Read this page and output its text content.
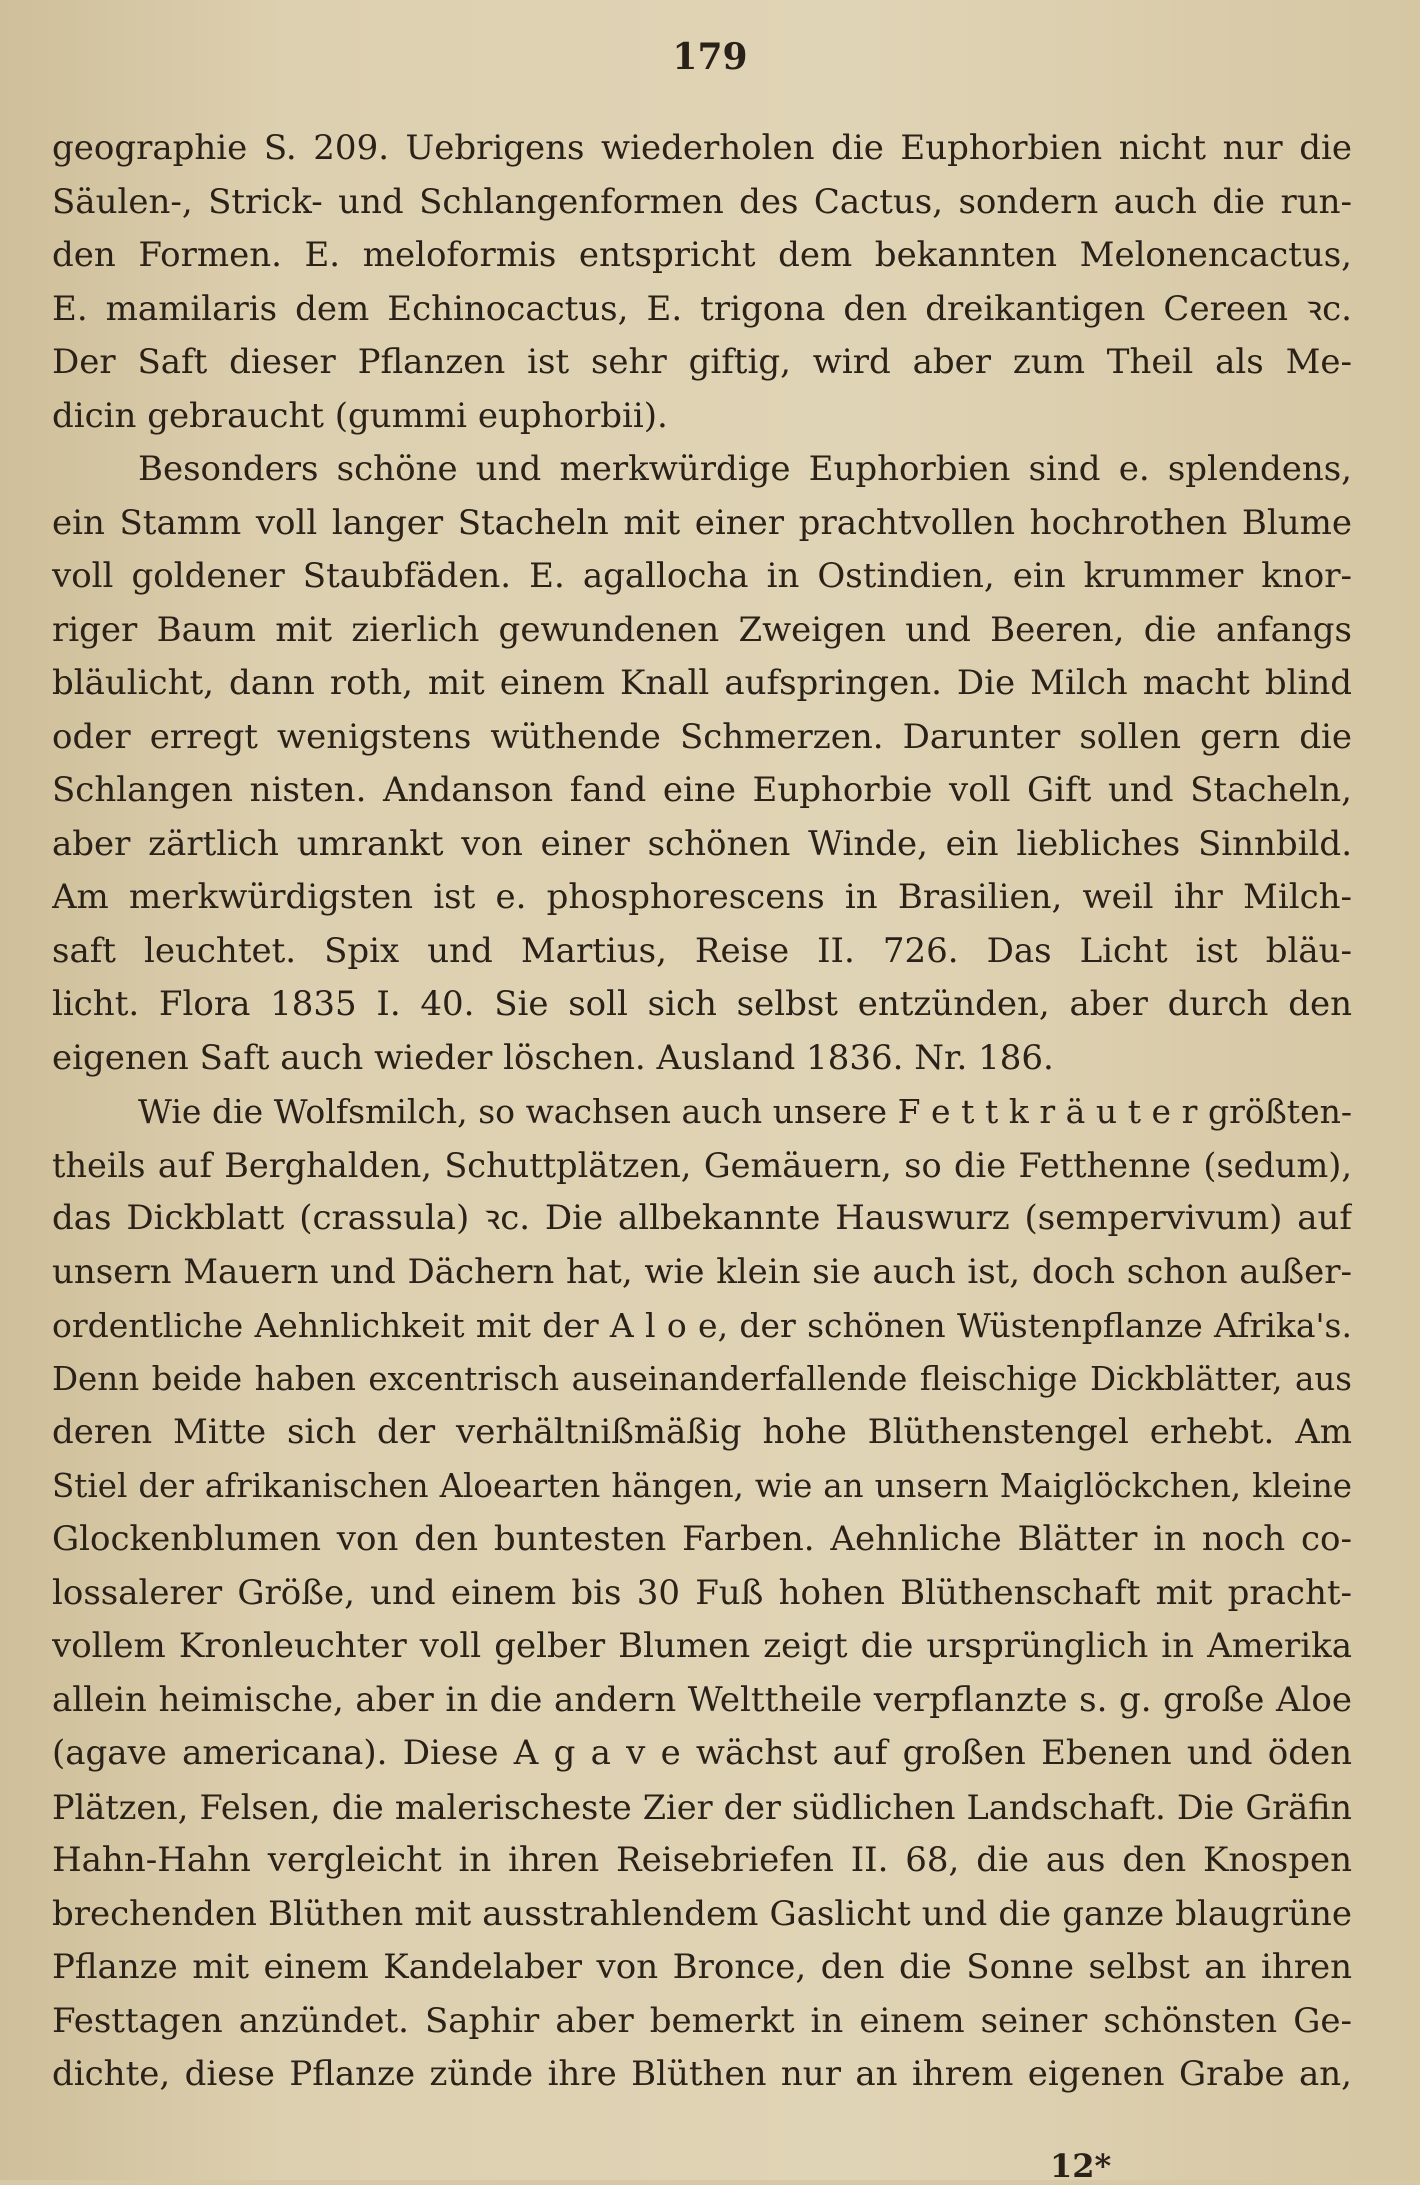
179
geographie S. 209. Uebrigens wiederholen die Euphorbien nicht nur die
Säulen-, Strick- und Schlangenformen des Cactus, sondern auch die run-
den Formen. E. meloformis entspricht dem bekannten Melonencactus,
E. mamilaris dem Echinocactus, E. trigona den dreikantigen Cereen ꝛc.
Der Saft dieser Pflanzen ist sehr giftig, wird aber zum Theil als Me-
dicin gebraucht (gummi euphorbii).
Besonders schöne und merkwürdige Euphorbien sind e. splendens,
ein Stamm voll langer Stacheln mit einer prachtvollen hochrothen Blume
voll goldener Staubfäden. E. agallocha in Ostindien, ein krummer knor-
riger Baum mit zierlich gewundenen Zweigen und Beeren, die anfangs
bläulicht, dann roth, mit einem Knall aufspringen. Die Milch macht blind
oder erregt wenigstens wüthende Schmerzen. Darunter sollen gern die
Schlangen nisten. Andanson fand eine Euphorbie voll Gift und Stacheln,
aber zärtlich umrankt von einer schönen Winde, ein liebliches Sinnbild.
Am merkwürdigsten ist e. phosphorescens in Brasilien, weil ihr Milch-
saft leuchtet. Spix und Martius, Reise II. 726. Das Licht ist bläu-
licht. Flora 1835 I. 40. Sie soll sich selbst entzünden, aber durch den
eigenen Saft auch wieder löschen. Ausland 1836. Nr. 186.
Wie die Wolfsmilch, so wachsen auch unsere F e t t k r ä u t e r größten-
theils auf Berghalden, Schuttplätzen, Gemäuern, so die Fetthenne (sedum),
das Dickblatt (crassula) ꝛc. Die allbekannte Hauswurz (sempervivum) auf
unsern Mauern und Dächern hat, wie klein sie auch ist, doch schon außer-
ordentliche Aehnlichkeit mit der A l o e, der schönen Wüstenpflanze Afrika's.
Denn beide haben excentrisch auseinanderfallende fleischige Dickblätter, aus
deren Mitte sich der verhältnißmäßig hohe Blüthenstengel erhebt. Am
Stiel der afrikanischen Aloearten hängen, wie an unsern Maiglöckchen, kleine
Glockenblumen von den buntesten Farben. Aehnliche Blätter in noch co-
lossalerer Größe, und einem bis 30 Fuß hohen Blüthenschaft mit pracht-
vollem Kronleuchter voll gelber Blumen zeigt die ursprünglich in Amerika
allein heimische, aber in die andern Welttheile verpflanzte s. g. große Aloe
(agave americana). Diese A g a v e wächst auf großen Ebenen und öden
Plätzen, Felsen, die malerischeste Zier der südlichen Landschaft. Die Gräfin
Hahn-Hahn vergleicht in ihren Reisebriefen II. 68, die aus den Knospen
brechenden Blüthen mit ausstrahlendem Gaslicht und die ganze blaugrüne
Pflanze mit einem Kandelaber von Bronce, den die Sonne selbst an ihren
Festtagen anzündet. Saphir aber bemerkt in einem seiner schönsten Ge-
dichte, diese Pflanze zünde ihre Blüthen nur an ihrem eigenen Grabe an,
12*
